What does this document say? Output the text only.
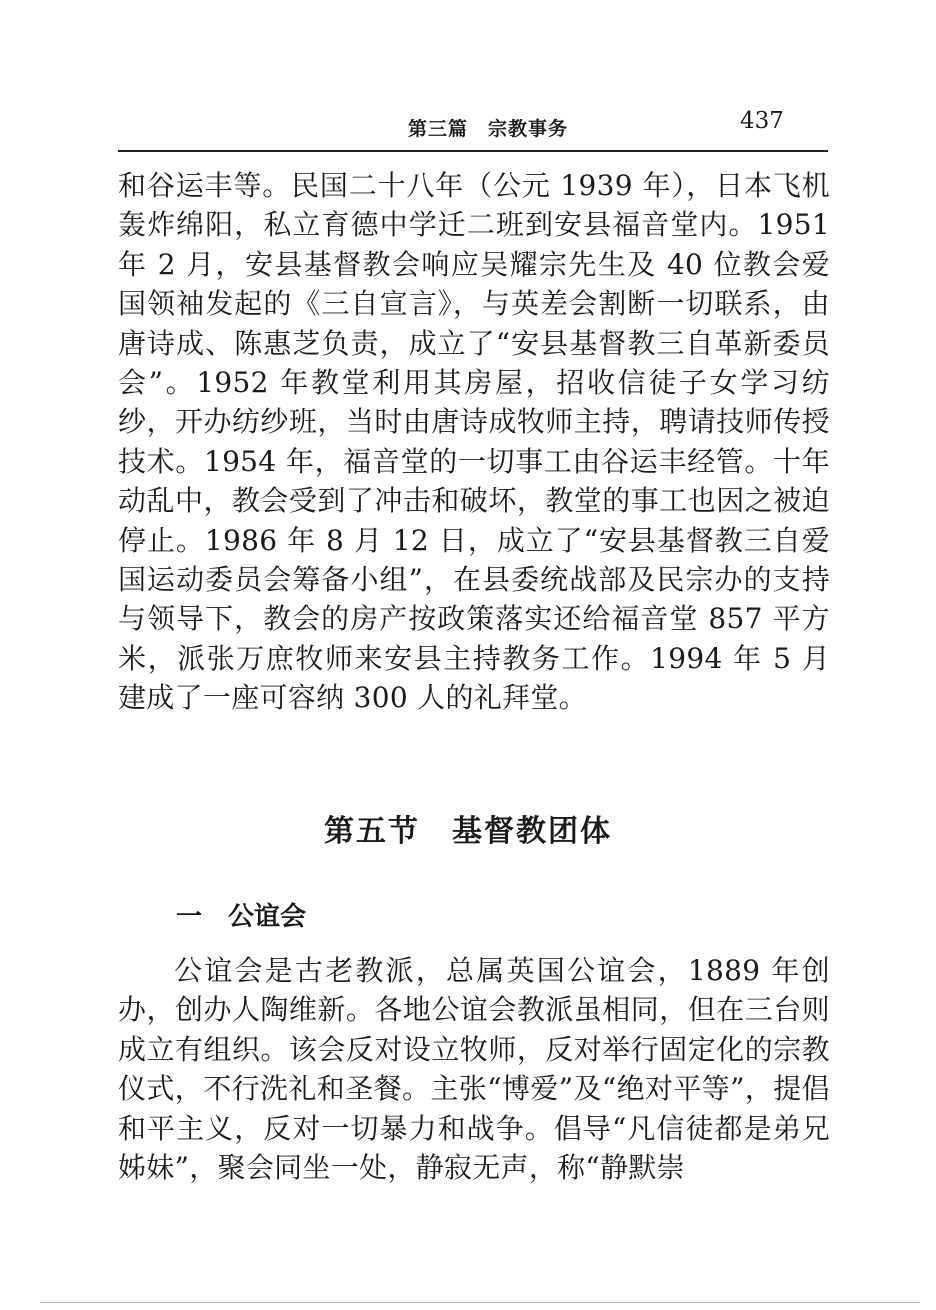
第三篇　宗教事务	437

和谷运丰等。民国二十八年（公元 1939 年），日本飞机轰炸绵阳，私立育德中学迁二班到安县福音堂内。1951 年 2 月，安县基督教会响应吴耀宗先生及 40 位教会爱国领袖发起的《三自宣言》，与英差会割断一切联系，由唐诗成、陈惠芝负责，成立了“安县基督教三自革新委员会”。1952 年教堂利用其房屋，招收信徒子女学习纺纱，开办纺纱班，当时由唐诗成牧师主持，聘请技师传授技术。1954 年，福音堂的一切事工由谷运丰经管。十年动乱中，教会受到了冲击和破坏，教堂的事工也因之被迫停止。1986 年 8 月 12 日，成立了“安县基督教三自爱国运动委员会筹备小组”，在县委统战部及民宗办的支持与领导下，教会的房产按政策落实还给福音堂 857 平方米，派张万庶牧师来安县主持教务工作。1994 年 5 月建成了一座可容纳 300 人的礼拜堂。

第五节　基督教团体
一　公谊会

公谊会是古老教派，总属英国公谊会，1889 年创办，创办人陶维新。各地公谊会教派虽相同，但在三台则成立有组织。该会反对设立牧师，反对举行固定化的宗教仪式，不行洗礼和圣餐。主张“博爱”及“绝对平等”，提倡和平主义，反对一切暴力和战争。倡导“凡信徒都是弟兄姊妹”，聚会同坐一处，静寂无声，称“静默崇
